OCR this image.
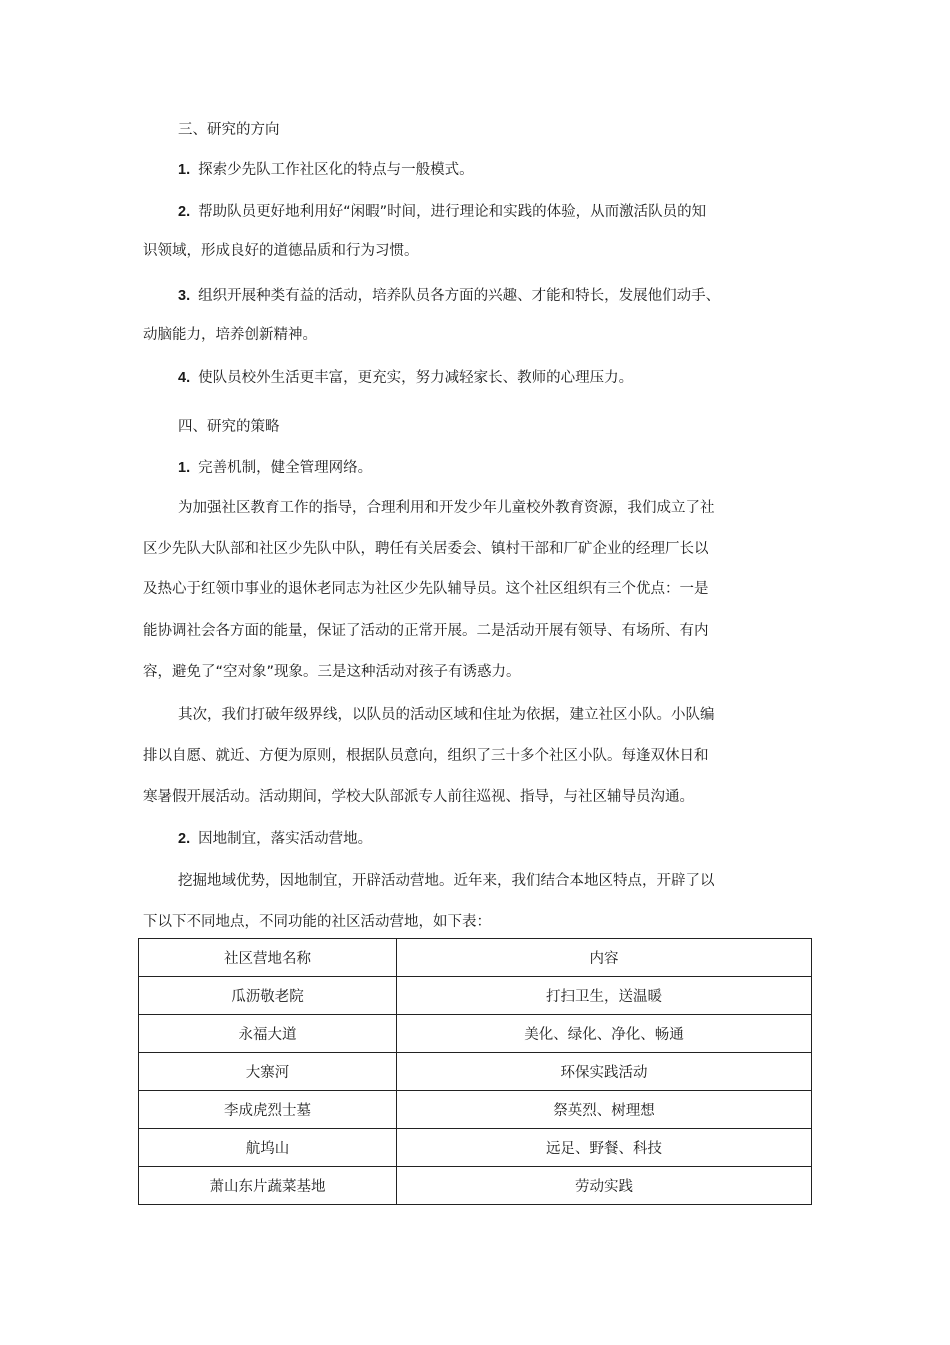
三、研究的方向
1. 探索少先队工作社区化的特点与一般模式。
2. 帮助队员更好地利用好“闲暇”时间，进行理论和实践的体验，从而激活队员的知
识领域，形成良好的道德品质和行为习惯。
3. 组织开展种类有益的活动，培养队员各方面的兴趣、才能和特长，发展他们动手、
动脑能力，培养创新精神。
4. 使队员校外生活更丰富，更充实，努力减轻家长、教师的心理压力。
四、研究的策略
1. 完善机制，健全管理网络。
为加强社区教育工作的指导，合理利用和开发少年儿童校外教育资源，我们成立了社
区少先队大队部和社区少先队中队，聘任有关居委会、镇村干部和厂矿企业的经理厂长以
及热心于红领巾事业的退休老同志为社区少先队辅导员。这个社区组织有三个优点：一是
能协调社会各方面的能量，保证了活动的正常开展。二是活动开展有领导、有场所、有内
容，避免了“空对象”现象。三是这种活动对孩子有诱惑力。
其次，我们打破年级界线，以队员的活动区域和住址为依据，建立社区小队。小队编
排以自愿、就近、方便为原则，根据队员意向，组织了三十多个社区小队。每逢双休日和
寒暑假开展活动。活动期间，学校大队部派专人前往巡视、指导，与社区辅导员沟通。
2. 因地制宜，落实活动营地。
挖掘地域优势，因地制宜，开辟活动营地。近年来，我们结合本地区特点，开辟了以
下以下不同地点，不同功能的社区活动营地，如下表：
社区营地名称	内容
瓜沥敬老院	打扫卫生，送温暖
永福大道	美化、绿化、净化、畅通
大寨河	环保实践活动
李成虎烈士墓	祭英烈、树理想
航坞山	远足、野餐、科技
萧山东片蔬菜基地	劳动实践
